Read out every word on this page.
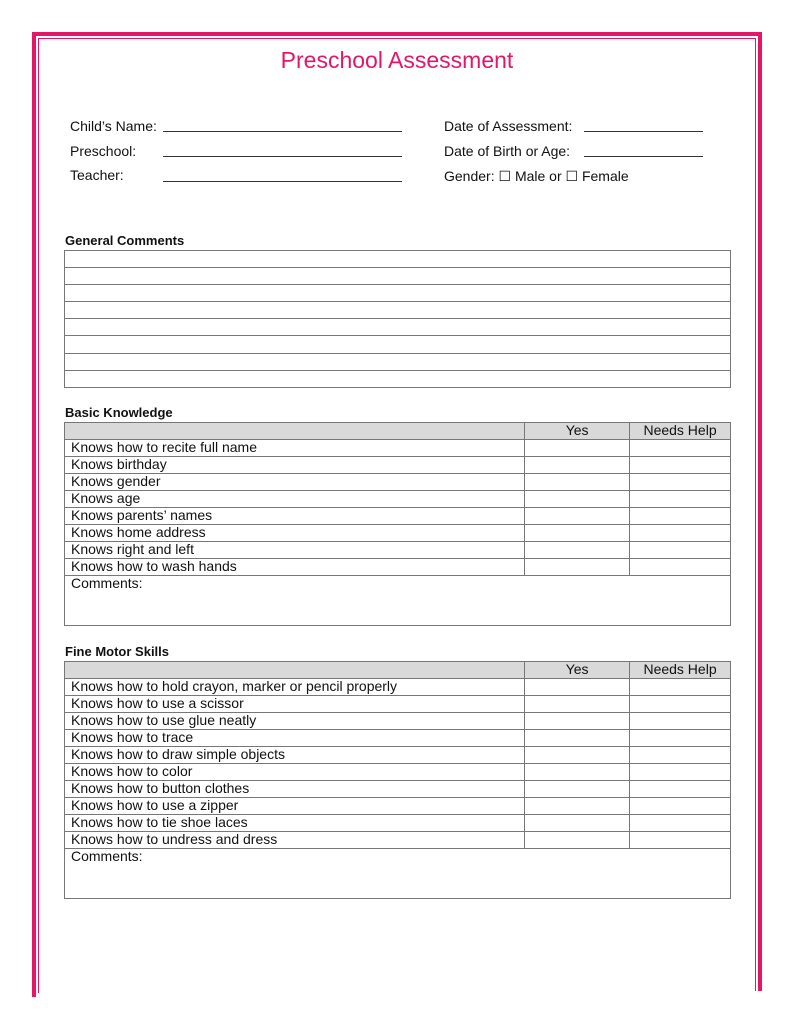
Preschool Assessment
Child’s Name:
Preschool:
Teacher:
Date of Assessment:
Date of Birth or Age:
Gender: ☐ Male or ☐ Female
General Comments

Basic Knowledge
	Yes	Needs Help
Knows how to recite full name		
Knows birthday		
Knows gender		
Knows age		
Knows parents’ names		
Knows home address		
Knows right and left		
Knows how to wash hands		
Comments:		
Fine Motor Skills
	Yes	Needs Help
Knows how to hold crayon, marker or pencil properly		
Knows how to use a scissor		
Knows how to use glue neatly		
Knows how to trace		
Knows how to draw simple objects		
Knows how to color		
Knows how to button clothes		
Knows how to use a zipper		
Knows how to tie shoe laces		
Knows how to undress and dress		
Comments:		
